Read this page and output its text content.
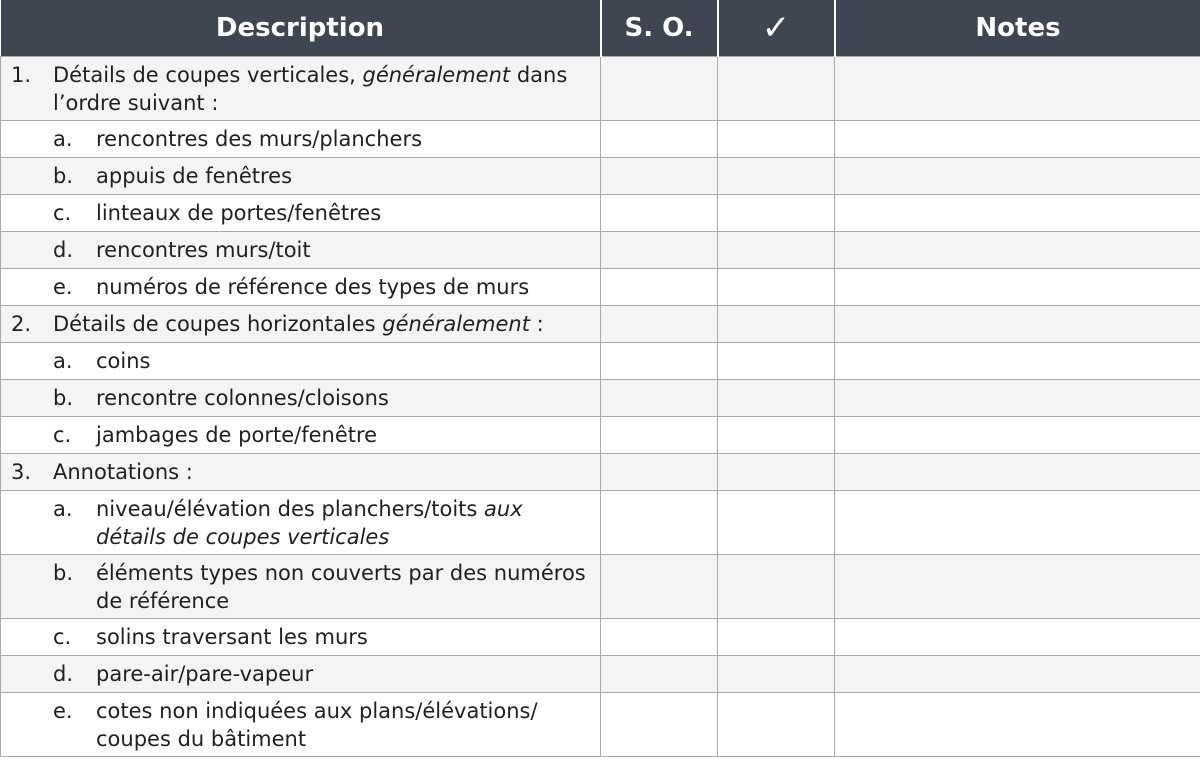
Description	S. O.	✓	Notes

1. Détails de coupes verticales, généralement dans l’ordre suivant :			

a. rencontres des murs/planchers			

b. appuis de fenêtres			

c. linteaux de portes/fenêtres			

d. rencontres murs/toit			

e. numéros de référence des types de murs			

2. Détails de coupes horizontales généralement :			

a. coins			

b. rencontre colonnes/cloisons			

c. jambages de porte/fenêtre			

3. Annotations :			

a. niveau/élévation des planchers/toits aux détails de coupes verticales			

b. éléments types non couverts par des numéros de référence			

c. solins traversant les murs			

d. pare-air/pare-vapeur			

e. cotes non indiquées aux plans/élévations/ coupes du bâtiment			
